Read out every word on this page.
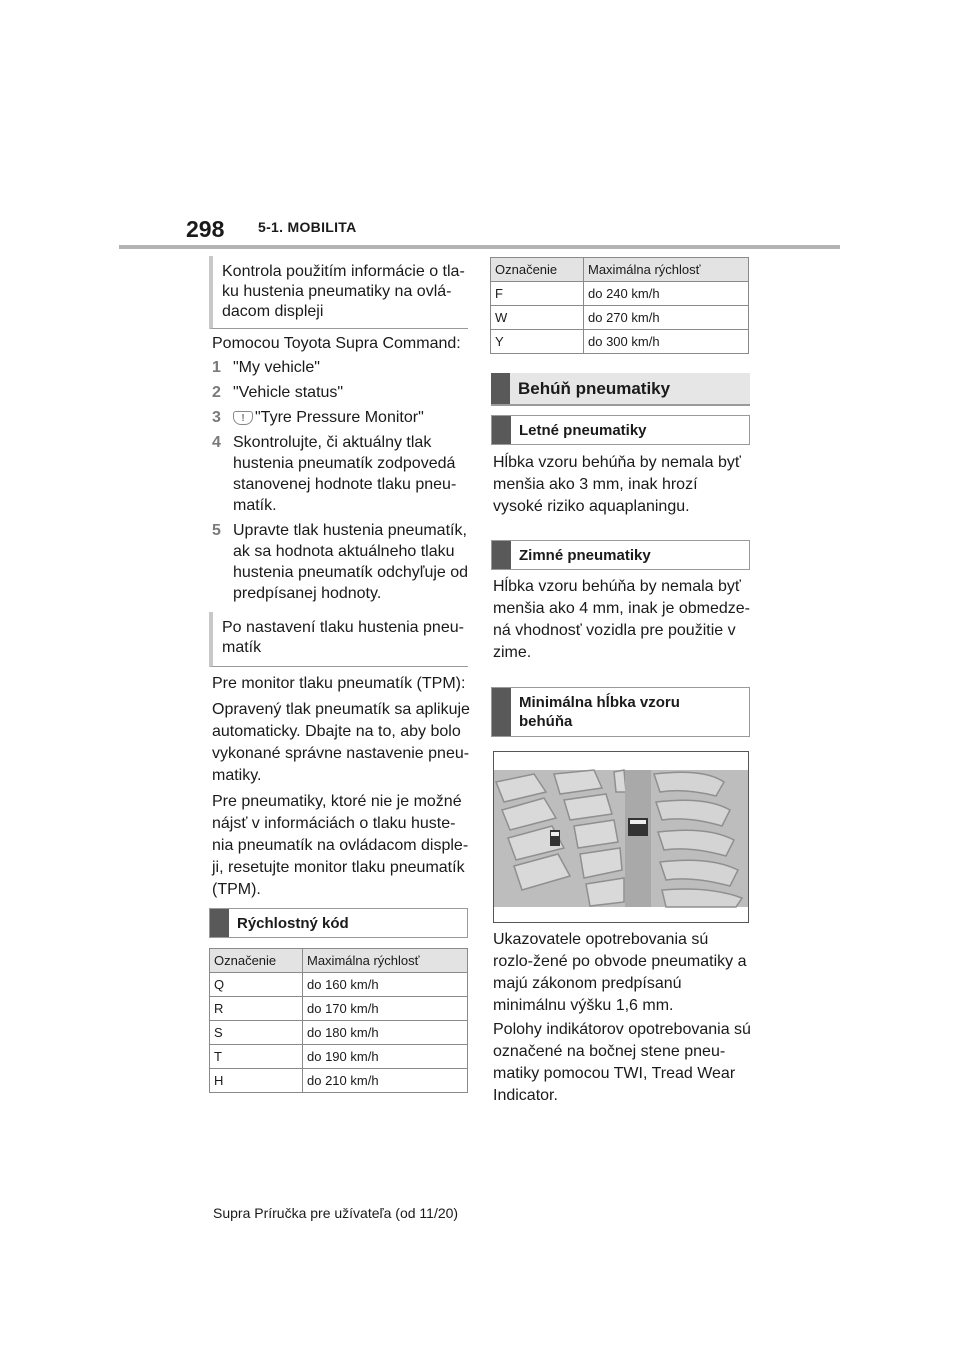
298 5-1. MOBILITA
Kontrola použitím informácie o tla-ku hustenia pneumatiky na ovlá-dacom displeji
Pomocou Toyota Supra Command:
1 "My vehicle"
2 "Vehicle status"
3 ! "Tyre Pressure Monitor"
4 Skontrolujte, či aktuálny tlak hustenia pneumatík zodpovedá stanovenej hodnote tlaku pneu-matík.
5 Upravte tlak hustenia pneumatík, ak sa hodnota aktuálneho tlaku hustenia pneumatík odchyľuje od predpísanej hodnoty.
Po nastavení tlaku hustenia pneu-matík

Pre monitor tlaku pneumatík (TPM):

Opravený tlak pneumatík sa aplikuje automaticky. Dbajte na to, aby bolo vykonané správne nastavenie pneu-matiky.

Pre pneumatiky, ktoré nie je možné nájsť v informáciách o tlaku huste-nia pneumatík na ovládacom disple-ji, resetujte monitor tlaku pneumatík (TPM).

Rýchlostný kód
Označenie	Maximálna rýchlosť
Q	do 160 km/h
R	do 170 km/h
S	do 180 km/h
T	do 190 km/h
H	do 210 km/h
Označenie	Maximálna rýchlosť
F	do 240 km/h
W	do 270 km/h
Y	do 300 km/h
Behúň pneumatiky
Letné pneumatiky
Hĺbka vzoru behúňa by nemala byť menšia ako 3 mm, inak hrozí vysoké riziko aquaplaningu.
Zimné pneumatiky
Hĺbka vzoru behúňa by nemala byť menšia ako 4 mm, inak je obmedze-ná vhodnosť vozidla pre použitie v zime.
Minimálna hĺbka vzoru behúňa
Ukazovatele opotrebovania sú rozlo-žené po obvode pneumatiky a majú zákonom predpísanú minimálnu výšku 1,6 mm.
Polohy indikátorov opotrebovania sú označené na bočnej stene pneu-matiky pomocou TWI, Tread Wear Indicator.
Supra Príručka pre užívateľa (od 11/20)
